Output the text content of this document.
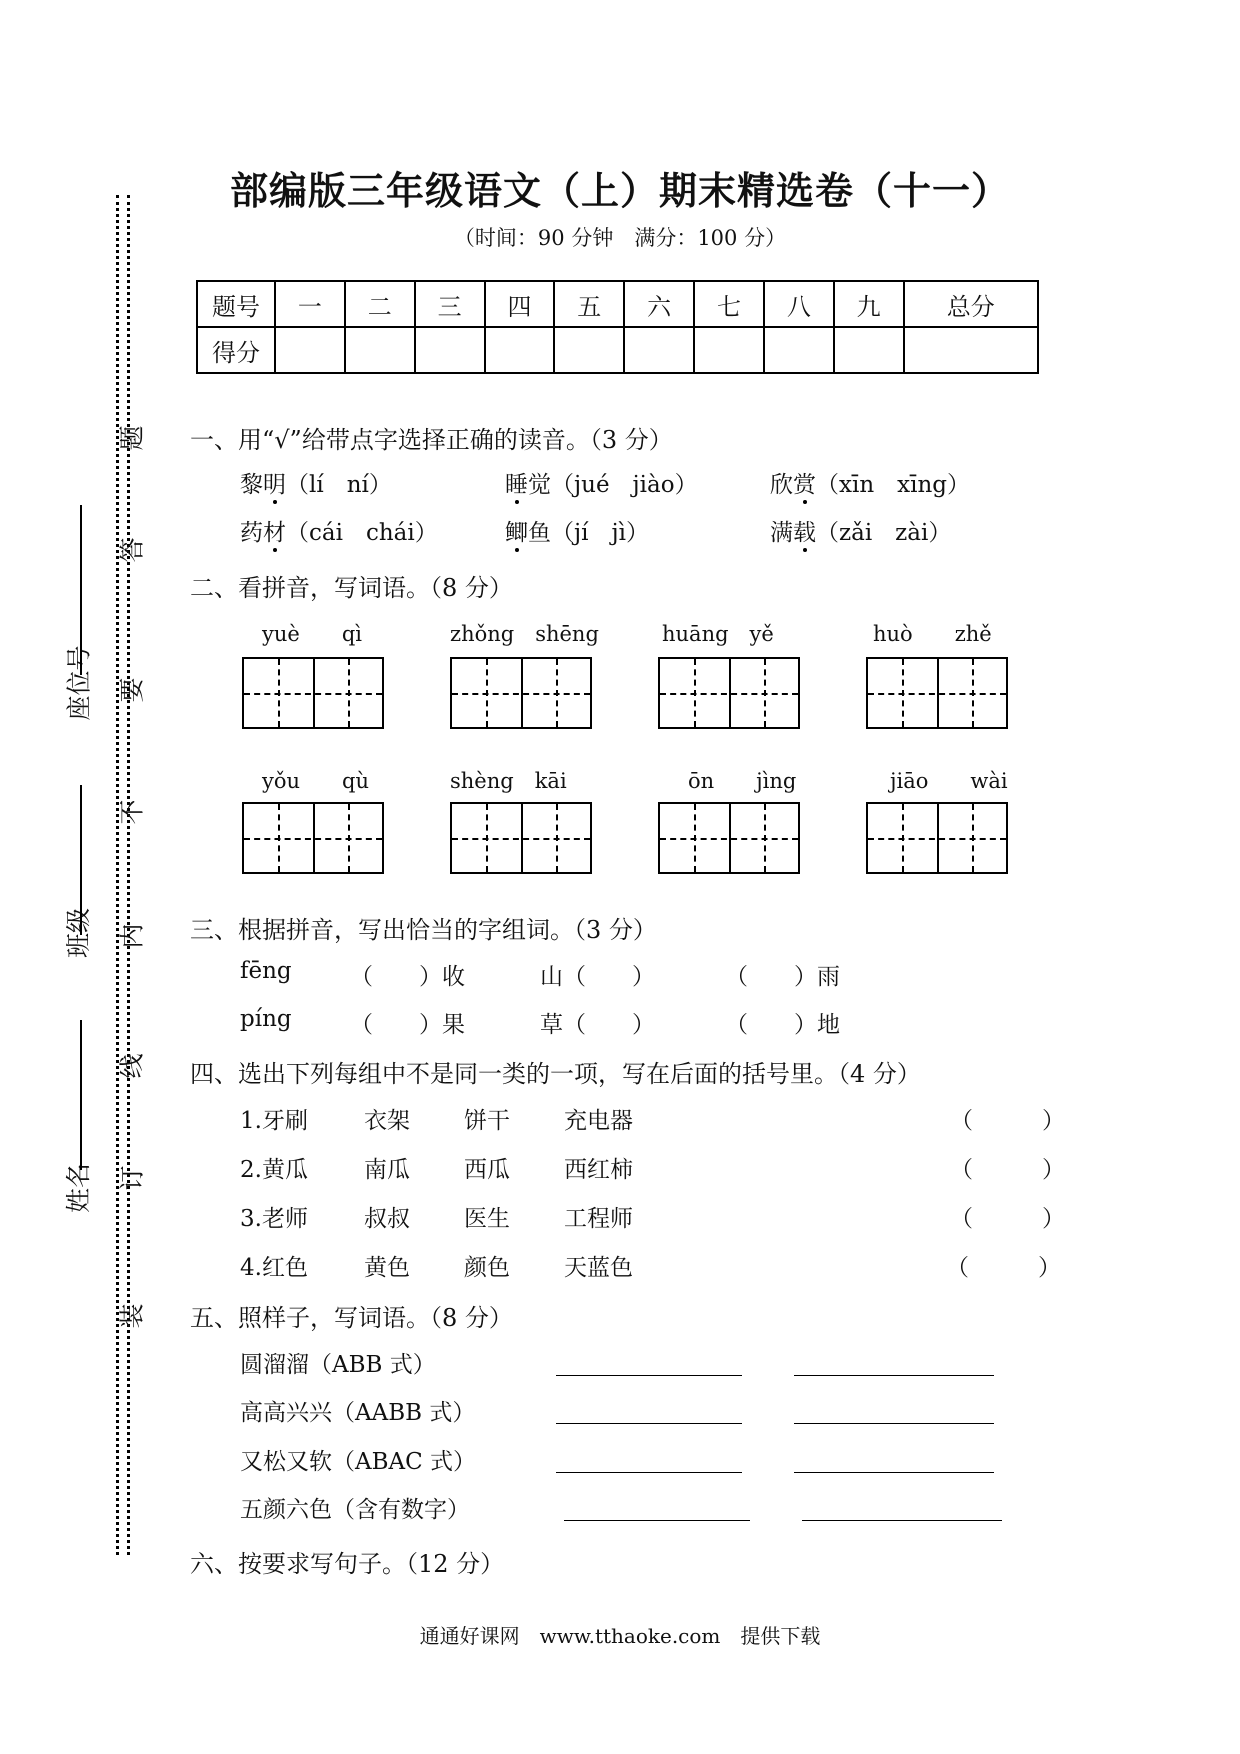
座位号
班级
姓名
题
答
要
不
内
线
订
装
部编版三年级语文（上）期末精选卷（十一）
（时间：90 分钟　满分：100 分）
题号	一	二	三	四	五	六	七	八	九	总分
得分										
一、用“√”给带点字选择正确的读音。（3 分）
黎明（lí　ní）	睡觉（jué　jiào）	欣赏（xīn　xīng）
药材（cái　chái）	鲫鱼（jí　jì）	满载（zǎi　zài）
二、看拼音，写词语。（8 分）
yuè　　qì	zhǒng　shēng	huāng　yě	huò　　zhě
yǒu　　qù	shèng　kāi	ōn　　jìng	jiāo　　wài
三、根据拼音，写出恰当的字组词。（3 分）
fēng	（　　）收	山（　　）	（　　）雨
píng	（　　）果	草（　　）	（　　）地
四、选出下列每组中不是同一类的一项，写在后面的括号里。（4 分）
1.牙刷 衣架 饼干 充电器	（　　　）
2.黄瓜 南瓜 西瓜 西红柿	（　　　）
3.老师 叔叔 医生 工程师	（　　　）
4.红色 黄色 颜色 天蓝色	（　　　）
五、照样子，写词语。（8 分）
圆溜溜（ABB 式）
高高兴兴（AABB 式）
又松又软（ABAC 式）
五颜六色（含有数字）
六、按要求写句子。（12 分）
通通好课网　www.tthaoke.com　提供下载
